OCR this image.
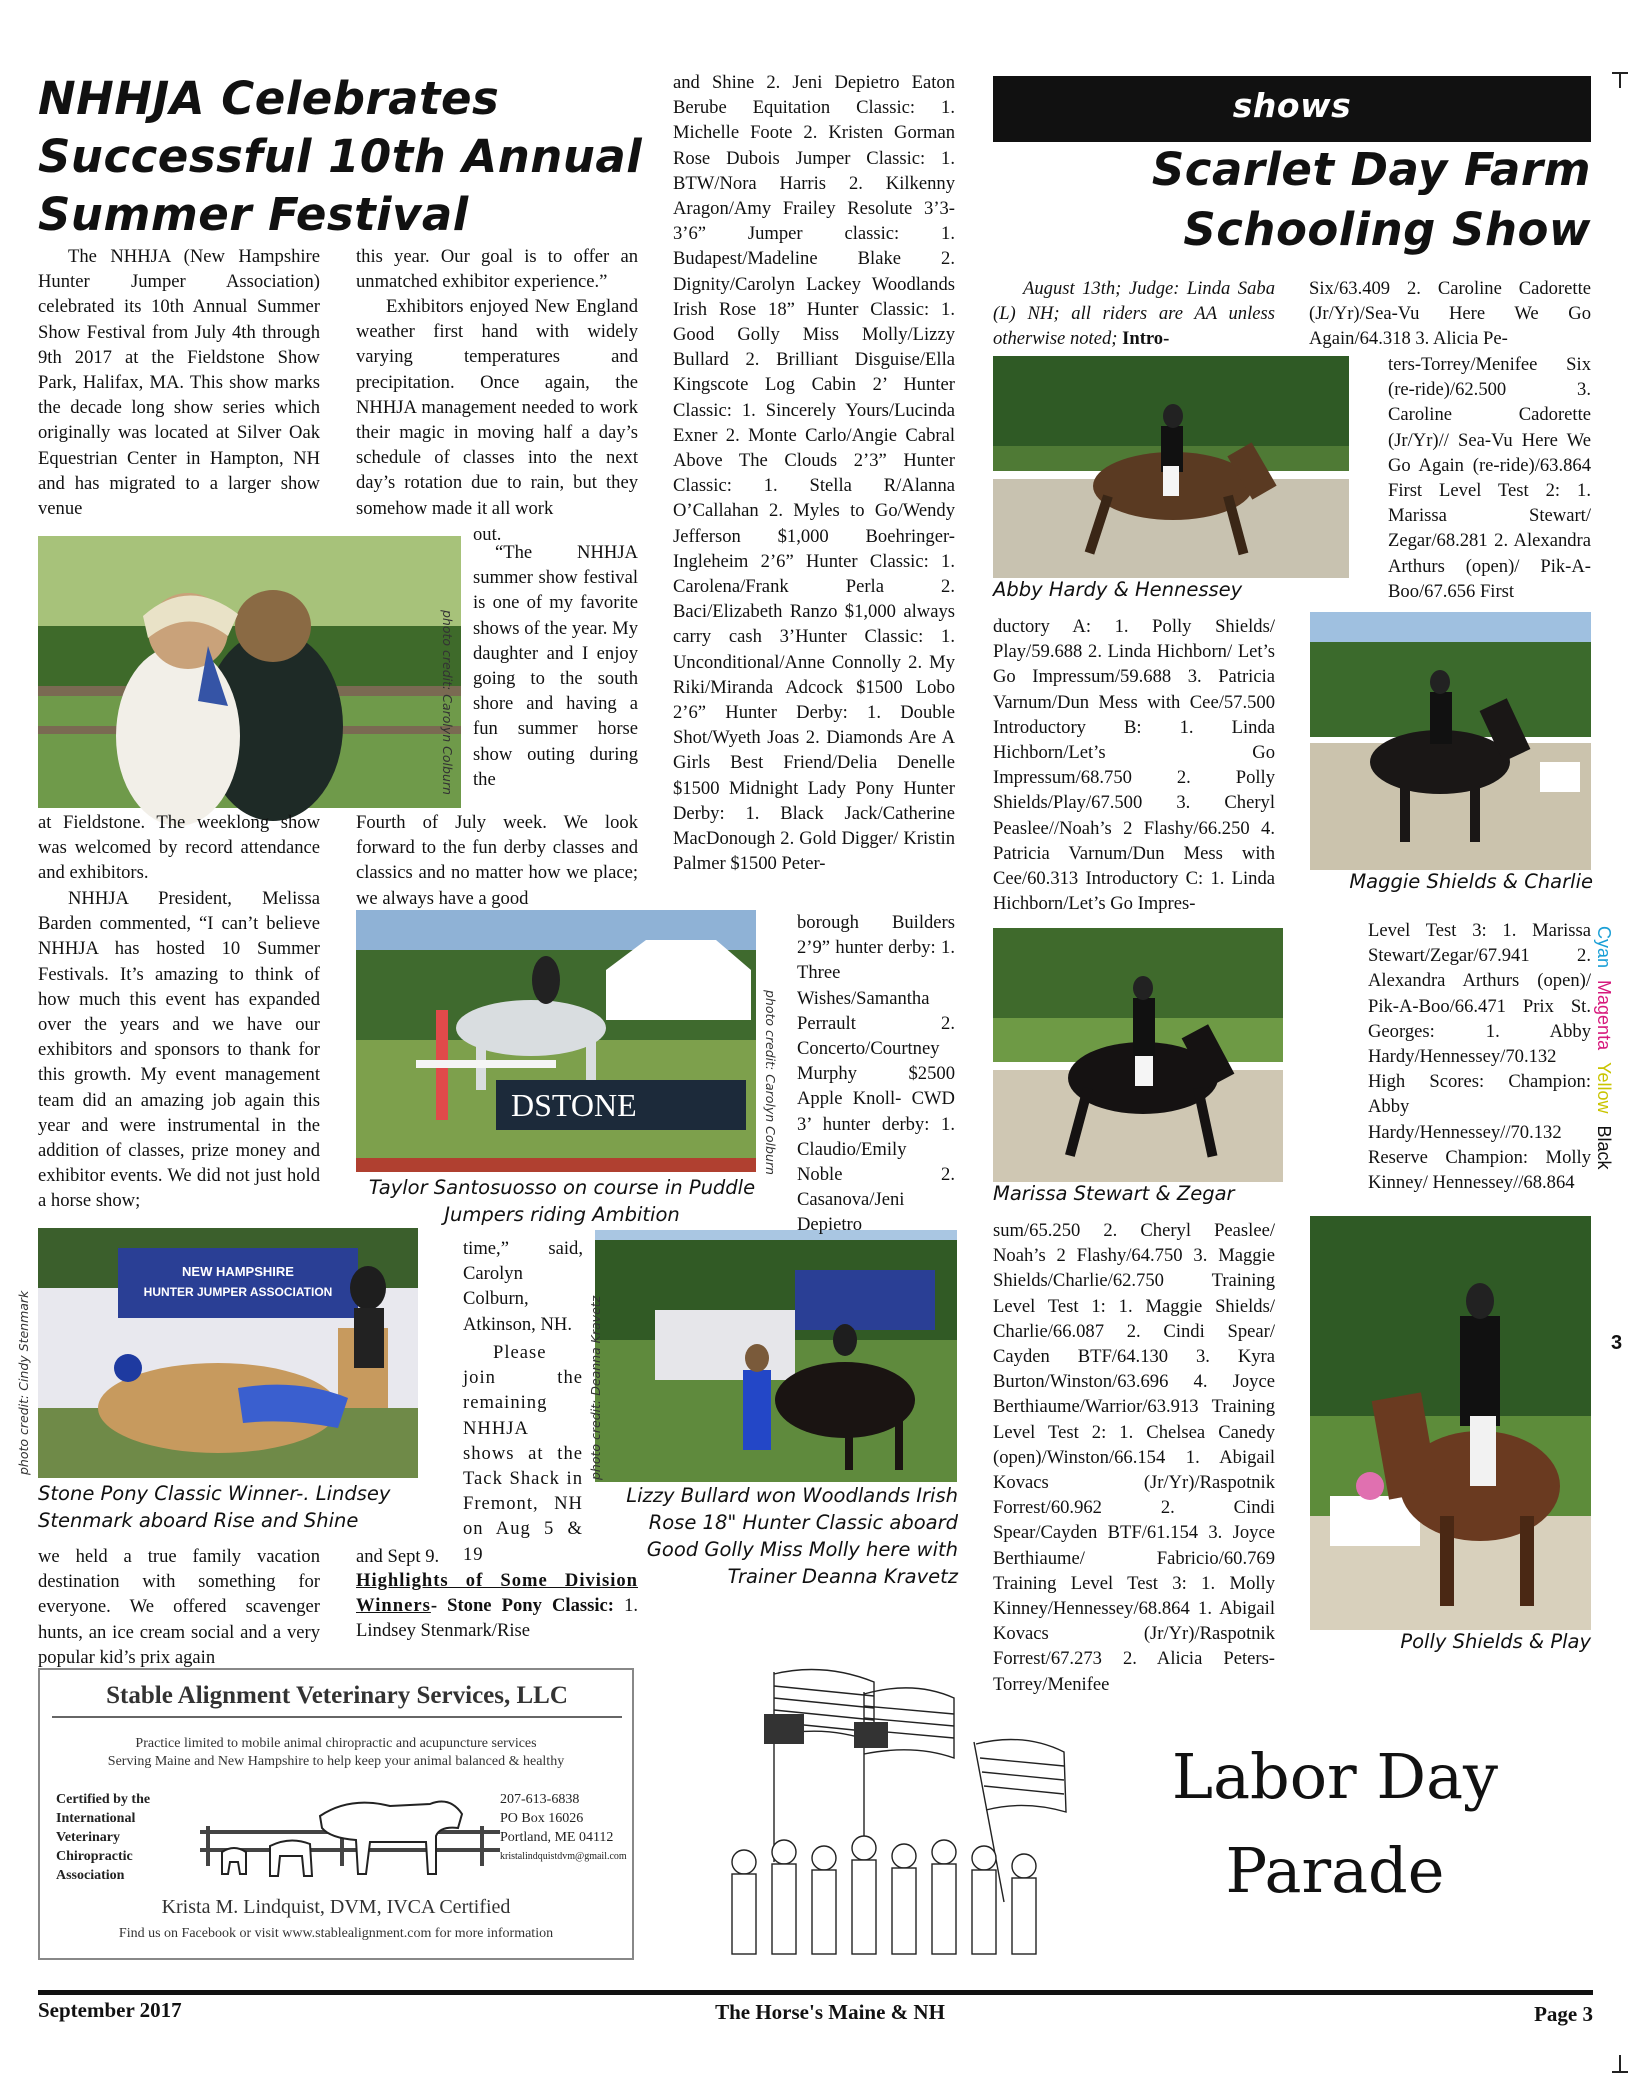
NHHJA Celebrates
Successful 10th Annual
Summer Festival
The NHHJA (New Hampshire Hunter Jumper Association) celebrated its 10th Annual Summer Show Festival from July 4th through 9th 2017 at the Fieldstone Show Park, Halifax, MA. This show marks the decade long show series which originally was located at Silver Oak Equestrian Center in Hampton, NH and has migrated to a larger show venue
photo credit: Carolyn Colburn
“The NHHJA summer show festival is one of my favorite shows of the year. My daughter and I enjoy going to the south shore and having a fun summer horse show outing during the
at Fieldstone. The weeklong show was welcomed by record attendance and exhibitors.
NHHJA President, Melissa Barden commented, “I can’t believe NHHJA has hosted 10 Summer Festivals. It’s amazing to think of how much this event has expanded over the years and we have our exhibitors and sponsors to thank for this growth. My event management team did an amazing job again this year and were instrumental in the addition of classes, prize money and exhibitor events. We did not just hold a horse show;
this year. Our goal is to offer an unmatched exhibitor experience.”
Exhibitors enjoyed New England weather first hand with widely varying temperatures and precipitation. Once again, the NHHJA management needed to work their magic in moving half a day’s schedule of classes into the next day’s rotation due to rain, but they somehow made it all work
out.
Fourth of July week. We look forward to the fun derby classes and classics and no matter how we place; we always have a good
DSTONE	photo credit: Carolyn Colburn
Taylor Santosuosso on course in Puddle
Jumpers riding Ambition
NEW HAMPSHIRE
HUNTER JUMPER ASSOCIATION
photo credit: Cindy Stenmark
Stone Pony Classic Winner-. Lindsey
Stenmark aboard Rise and Shine
we held a true family vacation destination with something for everyone. We offered scavenger hunts, an ice cream social and a very popular kid’s prix again
time,” said, Carolyn Colburn, Atkinson, NH.
Please join the remaining NHHJA shows at the Tack Shack in Fremont, NH on Aug 5 & 19
and Sept 9.
Highlights of Some Division Winners- Stone Pony Classic: 1. Lindsey Stenmark/Rise
photo credit: Deanna Kravetz
Lizzy Bullard won Woodlands Irish
Rose 18" Hunter Classic aboard
Good Golly Miss Molly here with
Trainer Deanna Kravetz
and Shine 2. Jeni Depietro Eaton Berube Equitation Classic: 1. Michelle Foote 2. Kristen Gorman Rose Dubois Jumper Classic: 1. BTW/Nora Harris 2. Kilkenny Aragon/Amy Frailey Resolute 3’3-3’6” Jumper classic: 1. Budapest/Madeline Blake 2. Dignity/Carolyn Lackey Woodlands Irish Rose 18” Hunter Classic: 1. Good Golly Miss Molly/Lizzy Bullard 2. Brilliant Disguise/Ella Kingscote Log Cabin 2’ Hunter Classic: 1. Sincerely Yours/Lucinda Exner 2. Monte Carlo/Angie Cabral Above The Clouds 2’3” Hunter Classic: 1. Stella R/Alanna O’Callahan 2. Myles to Go/Wendy Jefferson $1,000 Boehringer-Ingleheim 2’6” Hunter Classic: 1. Carolena/Frank Perla 2. Baci/Elizabeth Ranzo $1,000 always carry cash 3’Hunter Classic: 1. Unconditional/Anne Connolly 2. My Riki/Miranda Adcock $1500 Lobo 2’6” Hunter Derby: 1. Double Shot/Wyeth Joas 2. Diamonds Are A Girls Best Friend/Delia Denelle $1500 Midnight Lady Pony Hunter Derby: 1. Black Jack/Catherine MacDonough 2. Gold Digger/ Kristin Palmer $1500 Peter-
borough Builders 2’9” hunter derby: 1. Three Wishes/Samantha Perrault 2. Concerto/Courtney Murphy $2500 Apple Knoll- CWD 3’ hunter derby: 1. Claudio/Emily Noble 2. Casanova/Jeni Depietro
shows
Scarlet Day Farm
Schooling Show
August 13th; Judge: Linda Saba (L) NH; all riders are AA unless otherwise noted; Intro-
Abby Hardy & Hennessey
ductory A: 1. Polly Shields/ Play/59.688 2. Linda Hichborn/ Let’s Go Impressum/59.688 3. Patricia Varnum/Dun Mess with Cee/57.500 Introductory B: 1. Linda Hichborn/Let’s Go Impressum/68.750 2. Polly Shields/Play/67.500 3. Cheryl Peaslee//Noah’s 2 Flashy/66.250 4. Patricia Varnum/Dun Mess with Cee/60.313 Introductory C: 1. Linda Hichborn/Let’s Go Impres-
Marissa Stewart & Zegar
sum/65.250 2. Cheryl Peaslee/ Noah’s 2 Flashy/64.750 3. Maggie Shields/Charlie/62.750 Training Level Test 1: 1. Maggie Shields/ Charlie/66.087 2. Cindi Spear/ Cayden BTF/64.130 3. Kyra Burton/Winston/63.696 4. Joyce Berthiaume/Warrior/63.913 Training Level Test 2: 1. Chelsea Canedy (open)/Winston/66.154 1. Abigail Kovacs (Jr/Yr)/Raspotnik Forrest/60.962 2. Cindi Spear/Cayden BTF/61.154 3. Joyce Berthiaume/ Fabricio/60.769 Training Level Test 3: 1. Molly Kinney/Hennessey/68.864 1. Abigail Kovacs (Jr/Yr)/Raspotnik Forrest/67.273 2. Alicia Peters-Torrey/Menifee
Six/63.409 2. Caroline Cadorette (Jr/Yr)/Sea-Vu Here We Go Again/64.318 3. Alicia Pe-
ters-Torrey/Menifee Six (re-ride)/62.500 3. Caroline Cadorette (Jr/Yr)// Sea-Vu Here We Go Again (re-ride)/63.864 First Level Test 2: 1. Marissa Stewart/ Zegar/68.281 2. Alexandra Arthurs (open)/ Pik-A-Boo/67.656 First
Maggie Shields & Charlie
Level Test 3: 1. Marissa Stewart/Zegar/67.941 2. Alexandra Arthurs (open)/ Pik-A-Boo/66.471 Prix St. Georges: 1. Abby Hardy/Hennessey/70.132 High Scores: Champion: Abby Hardy/Hennessey//70.132 Reserve Champion: Molly Kinney/ Hennessey//68.864
Polly Shields & Play
CyanMagentaYellowBlack
3
Stable Alignment Veterinary Services, LLC
Practice limited to mobile animal chiropractic and acupuncture services
Serving Maine and New Hampshire to help keep your animal balanced & healthy
Certified by the
International
Veterinary
Chiropractic
Association
207-613-6838
PO Box 16026
Portland, ME 04112
kristalindquistdvm@gmail.com
Krista M. Lindquist, DVM, IVCA Certified
Find us on Facebook or visit www.stablealignment.com for more information
Labor Day
Parade
September 2017	The Horse's Maine & NH	Page 3
